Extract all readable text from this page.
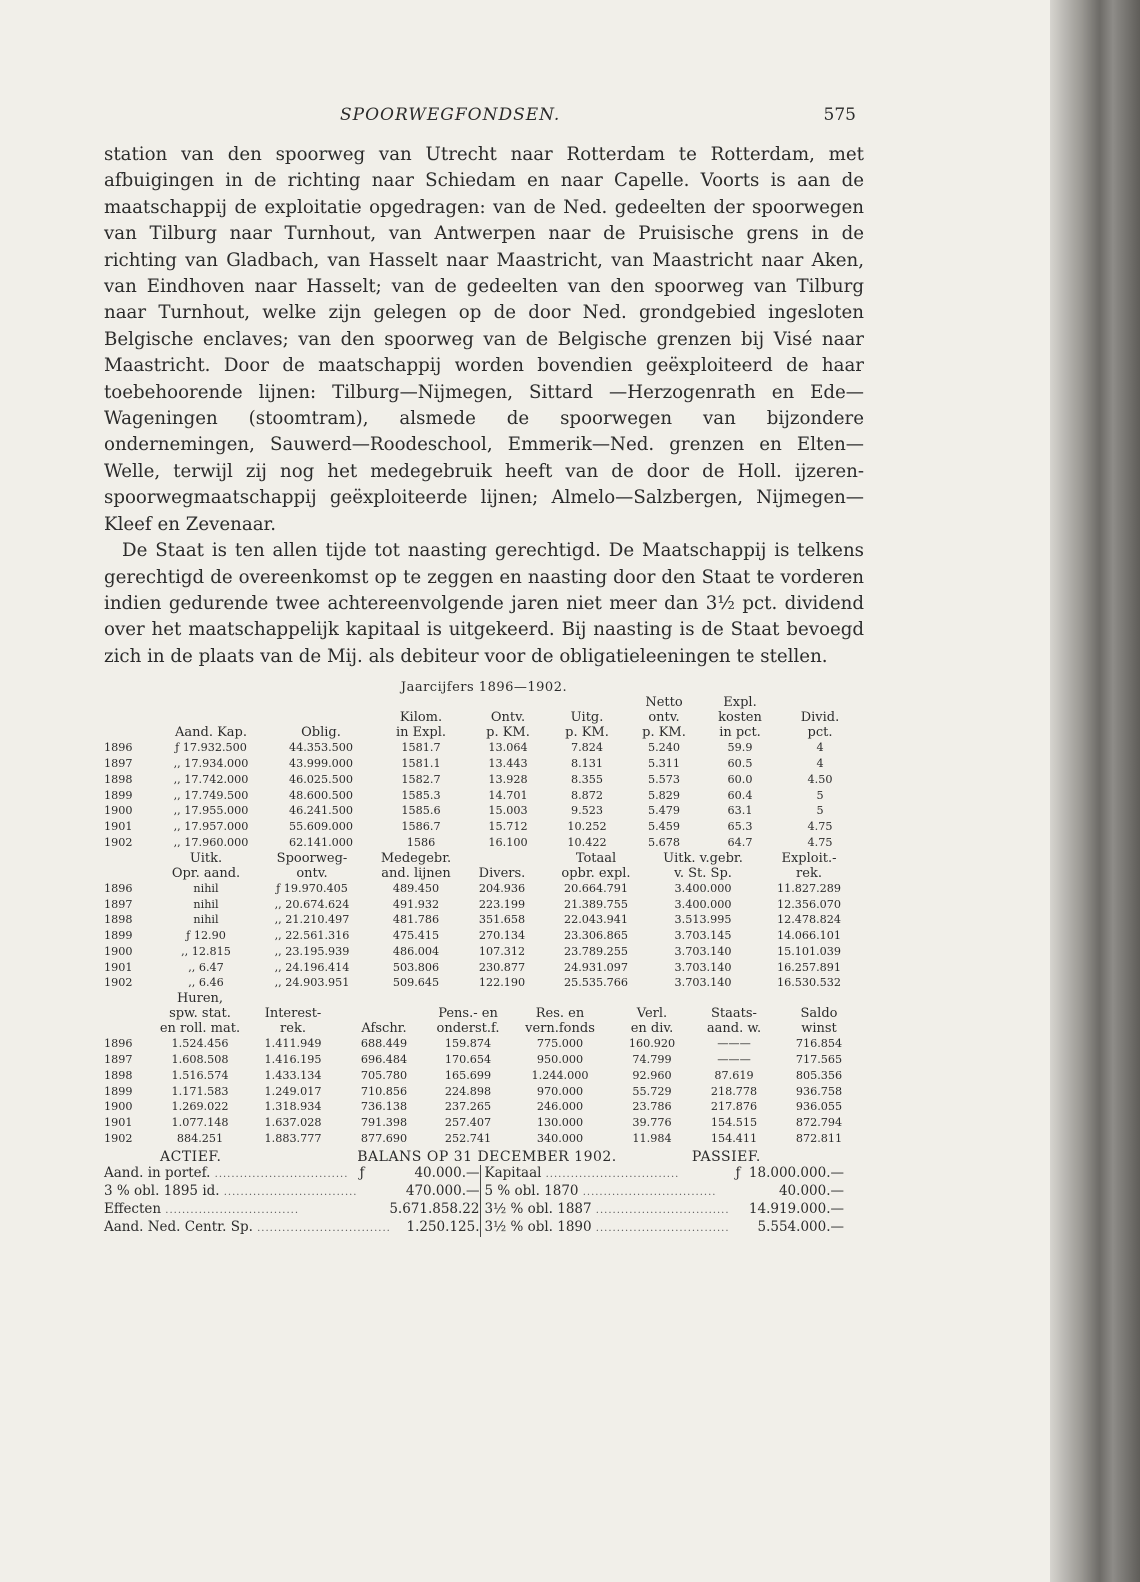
SPOORWEGFONDSEN.	575

station van den spoorweg van Utrecht naar Rotterdam te Rotterdam, met afbuigingen in de richting naar Schiedam en naar Capelle. Voorts is aan de maatschappij de exploitatie opgedragen: van de Ned. gedeelten der spoorwegen van Tilburg naar Turnhout, van Antwerpen naar de Pruisische grens in de richting van Gladbach, van Hasselt naar Maastricht, van Maastricht naar Aken, van Eindhoven naar Hasselt; van de gedeelten van den spoorweg van Tilburg naar Turnhout, welke zijn gelegen op de door Ned. grondgebied ingesloten Belgische enclaves; van den spoorweg van de Belgische grenzen bij Visé naar Maastricht. Door de maatschappij worden bovendien geëxploiteerd de haar toebehoorende lijnen: Tilburg—Nijmegen, Sittard —Herzogenrath en Ede—Wageningen (stoomtram), alsmede de spoorwegen van bijzondere ondernemingen, Sauwerd—Roodeschool, Emmerik—Ned. grenzen en Elten—Welle, terwijl zij nog het medegebruik heeft van de door de Holl. ijzeren-spoorwegmaatschappij geëxploiteerde lijnen; Almelo—Salzbergen, Nijmegen—Kleef en Zevenaar.

De Staat is ten allen tijde tot naasting gerechtigd. De Maatschappij is telkens gerechtigd de overeenkomst op te zeggen en naasting door den Staat te vorderen indien gedurende twee achtereenvolgende jaren niet meer dan 3½ pct. dividend over het maatschappelijk kapitaal is uitgekeerd. Bij naasting is de Staat bevoegd zich in de plaats van de Mij. als debiteur voor de obligatieleeningen te stellen.

Jaarcijfers 1896—1902.
						Netto	Expl.	
			Kilom.	Ontv.	Uitg.	ontv.	kosten	Divid.
	Aand. Kap.	Oblig.	in Expl.	p. KM.	p. KM.	p. KM.	in pct.	pct.
1896	ƒ 17.932.500	44.353.500	1581.7	13.064	7.824	5.240	59.9	4
1897	,, 17.934.000	43.999.000	1581.1	13.443	8.131	5.311	60.5	4
1898	,, 17.742.000	46.025.500	1582.7	13.928	8.355	5.573	60.0	4.50
1899	,, 17.749.500	48.600.500	1585.3	14.701	8.872	5.829	60.4	5
1900	,, 17.955.000	46.241.500	1585.6	15.003	9.523	5.479	63.1	5
1901	,, 17.957.000	55.609.000	1586.7	15.712	10.252	5.459	65.3	4.75
1902	,, 17.960.000	62.141.000	1586	16.100	10.422	5.678	64.7	4.75
	Uitk.	Spoorweg-	Medegebr.		Totaal	Uitk. v.gebr.	Exploit.-
	Opr. aand.	ontv.	and. lijnen	Divers.	opbr. expl.	v. St. Sp.	rek.
1896	nihil	ƒ 19.970.405	489.450	204.936	20.664.791	3.400.000	11.827.289
1897	nihil	,, 20.674.624	491.932	223.199	21.389.755	3.400.000	12.356.070
1898	nihil	,, 21.210.497	481.786	351.658	22.043.941	3.513.995	12.478.824
1899	ƒ 12.90	,, 22.561.316	475.415	270.134	23.306.865	3.703.145	14.066.101
1900	,, 12.815	,, 23.195.939	486.004	107.312	23.789.255	3.703.140	15.101.039
1901	,, 6.47	,, 24.196.414	503.806	230.877	24.931.097	3.703.140	16.257.891
1902	,, 6.46	,, 24.903.951	509.645	122.190	25.535.766	3.703.140	16.530.532
	Huren,							
	spw. stat.	Interest-		Pens.- en	Res. en	Verl.	Staats-	Saldo
	en roll. mat.	rek.	Afschr.	onderst.f.	vern.fonds	en div.	aand. w.	winst
1896	1.524.456	1.411.949	688.449	159.874	775.000	160.920	———	716.854
1897	1.608.508	1.416.195	696.484	170.654	950.000	74.799	———	717.565
1898	1.516.574	1.433.134	705.780	165.699	1.244.000	92.960	87.619	805.356
1899	1.171.583	1.249.017	710.856	224.898	970.000	55.729	218.778	936.758
1900	1.269.022	1.318.934	736.138	237.265	246.000	23.786	217.876	936.055
1901	1.077.148	1.637.028	791.398	257.407	130.000	39.776	154.515	872.794
1902	884.251	1.883.777	877.690	252.741	340.000	11.984	154.411	872.811
ACTIEF.	BALANS OP 31 DECEMBER 1902.	PASSIEF.
Aand. in portef. ................................	ƒ	40.000.—	Kapitaal ................................	ƒ	18.000.000.—
3 % obl. 1895 id. ................................		470.000.—	5 % obl. 1870 ................................		40.000.—
Effecten ................................		5.671.858.22	3½ % obl. 1887 ................................		14.919.000.—
Aand. Ned. Centr. Sp. ................................		1.250.125.	3½ % obl. 1890 ................................		5.554.000.—
